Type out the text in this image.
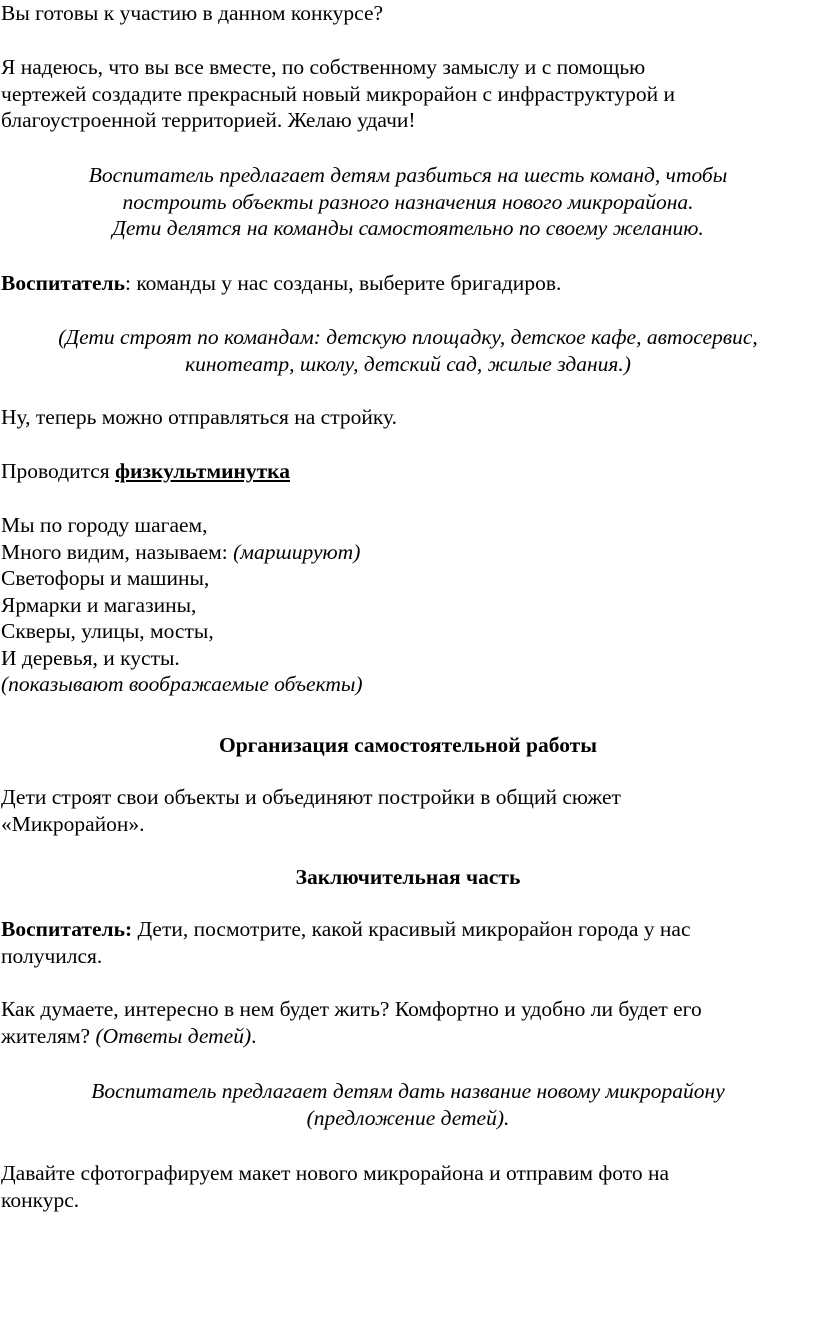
Вы готовы к участию в данном конкурсе?

Я надеюсь, что вы все вместе, по собственному замыслу и с помощью
чертежей создадите прекрасный новый микрорайон с инфраструктурой и
благоустроенной территорией. Желаю удачи!

Воспитатель предлагает детям разбиться на шесть команд, чтобы
построить объекты разного назначения нового микрорайона.
Дети делятся на команды самостоятельно по своему желанию.

Воспитатель: команды у нас созданы, выберите бригадиров.

(Дети строят по командам: детскую площадку, детское кафе, автосервис,
кинотеатр, школу, детский сад, жилые здания.)

Ну, теперь можно отправляться на стройку.

Проводится физкультминутка

Мы по городу шагаем,
Много видим, называем: (маршируют)
Светофоры и машины,
Ярмарки и магазины,
Скверы, улицы, мосты,
И деревья, и кусты.
(показывают воображаемые объекты)

Организация самостоятельной работы

Дети строят свои объекты и объединяют постройки в общий сюжет
«Микрорайон».

Заключительная часть

Воспитатель: Дети, посмотрите, какой красивый микрорайон города у нас
получился.

Как думаете, интересно в нем будет жить? Комфортно и удобно ли будет его
жителям? (Ответы детей).

Воспитатель предлагает детям дать название новому микрорайону
(предложение детей).

Давайте сфотографируем макет нового микрорайона и отправим фото на
конкурс.
